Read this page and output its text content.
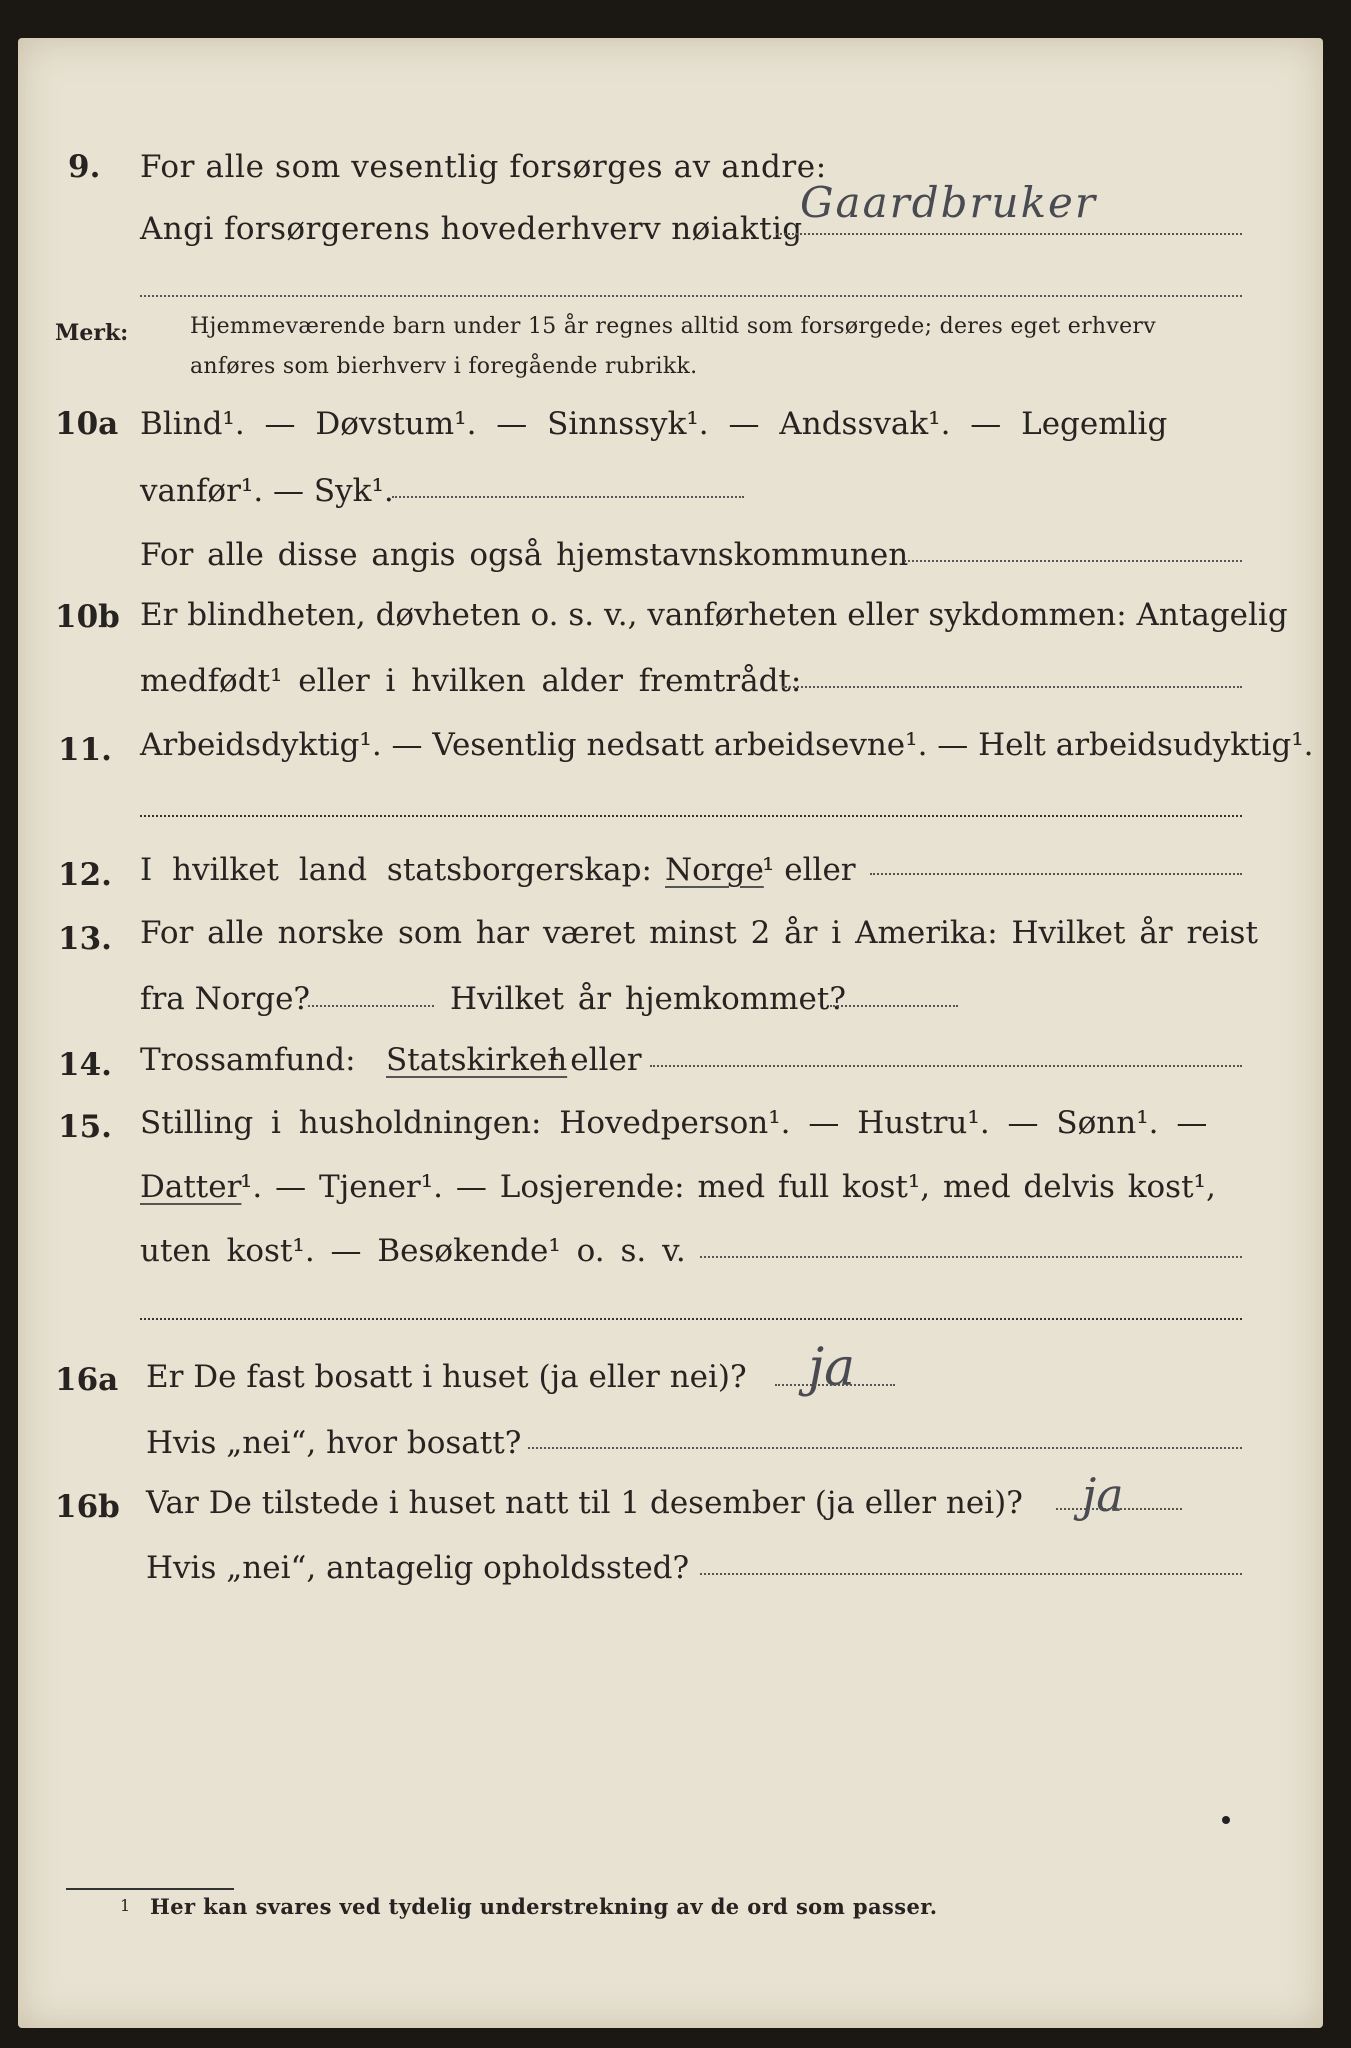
9. For alle som vesentlig forsørges av andre:
Angi forsørgerens hovederhverv nøiaktig
Gaardbruker
Merk:	Hjemmeværende barn under 15 år regnes alltid som forsørgede; deres eget erhverv
anføres som bierhverv i foregående rubrikk.
10a Blind¹. — Døvstum¹. — Sinnssyk¹. — Andssvak¹. — Legemlig
vanfør¹. — Syk¹.
For alle disse angis også hjemstavnskommunen
10b Er blindheten, døvheten o. s. v., vanførheten eller sykdommen: Antagelig
medfødt¹ eller i hvilken alder fremtrådt:
11. Arbeidsdyktig¹. — Vesentlig nedsatt arbeidsevne¹. — Helt arbeidsudyktig¹.
12. I hvilket land statsborgerskap: Norge
¹ eller
13. For alle norske som har været minst 2 år i Amerika: Hvilket år reist
fra Norge?	Hvilket år hjemkommet?
14. Trossamfund: Statskirken
¹ eller
15. Stilling i husholdningen: Hovedperson¹. — Hustru¹. — Sønn¹. —
Datter
¹. — Tjener¹. — Losjerende: med full kost¹, med delvis kost¹,
uten kost¹. — Besøkende¹ o. s. v.
16a Er De fast bosatt i huset (ja eller nei)? ja
Hvis „nei“, hvor bosatt?
16b Var De tilstede i huset natt til 1 desember (ja eller nei)? ja
Hvis „nei“, antagelig opholdssted?
1 Her kan svares ved tydelig understrekning av de ord som passer.
